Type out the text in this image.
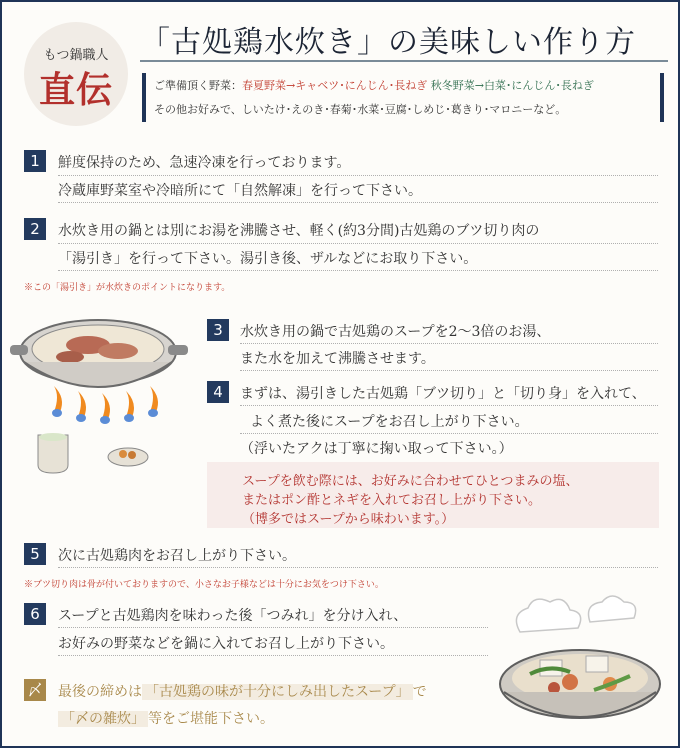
もつ鍋職人
直伝
「古処鶏水炊き」の美味しい作り方
ご準備頂く野菜：春夏野菜→キャベツ･にんじん･長ねぎ 秋冬野菜→白菜･にんじん･長ねぎ
その他お好みで、しいたけ･えのき･春菊･水菜･豆腐･しめじ･葛きり･マロニーなど。
1	鮮度保持のため、急速冷凍を行っております。
冷蔵庫野菜室や冷暗所にて「自然解凍」を行って下さい。
2	水炊き用の鍋とは別にお湯を沸騰させ、軽く(約3分間)古処鶏のブツ切り肉の
「湯引き」を行って下さい。湯引き後、ザルなどにお取り下さい。
※この「湯引き」が水炊きのポイントになります。
3	水炊き用の鍋で古処鶏のスープを2〜3倍のお湯、
また水を加えて沸騰させます。
4	まずは、湯引きした古処鶏「ブツ切り」と「切り身」を入れて、
よく煮た後にスープをお召し上がり下さい。
（浮いたアクは丁寧に掬い取って下さい。）
スープを飲む際には、お好みに合わせてひとつまみの塩、
またはポン酢とネギを入れてお召し上がり下さい。
（博多ではスープから味わいます。）
5	次に古処鶏肉をお召し上がり下さい。
※ブツ切り肉は骨が付いておりますので、小さなお子様などは十分にお気をつけ下さい。
6	スープと古処鶏肉を味わった後「つみれ」を分け入れ、
お好みの野菜などを鍋に入れてお召し上がり下さい。
〆 最後の締めは 「古処鶏の味が十分にしみ出したスープ」 で
「〆の雑炊」 等をご堪能下さい。
